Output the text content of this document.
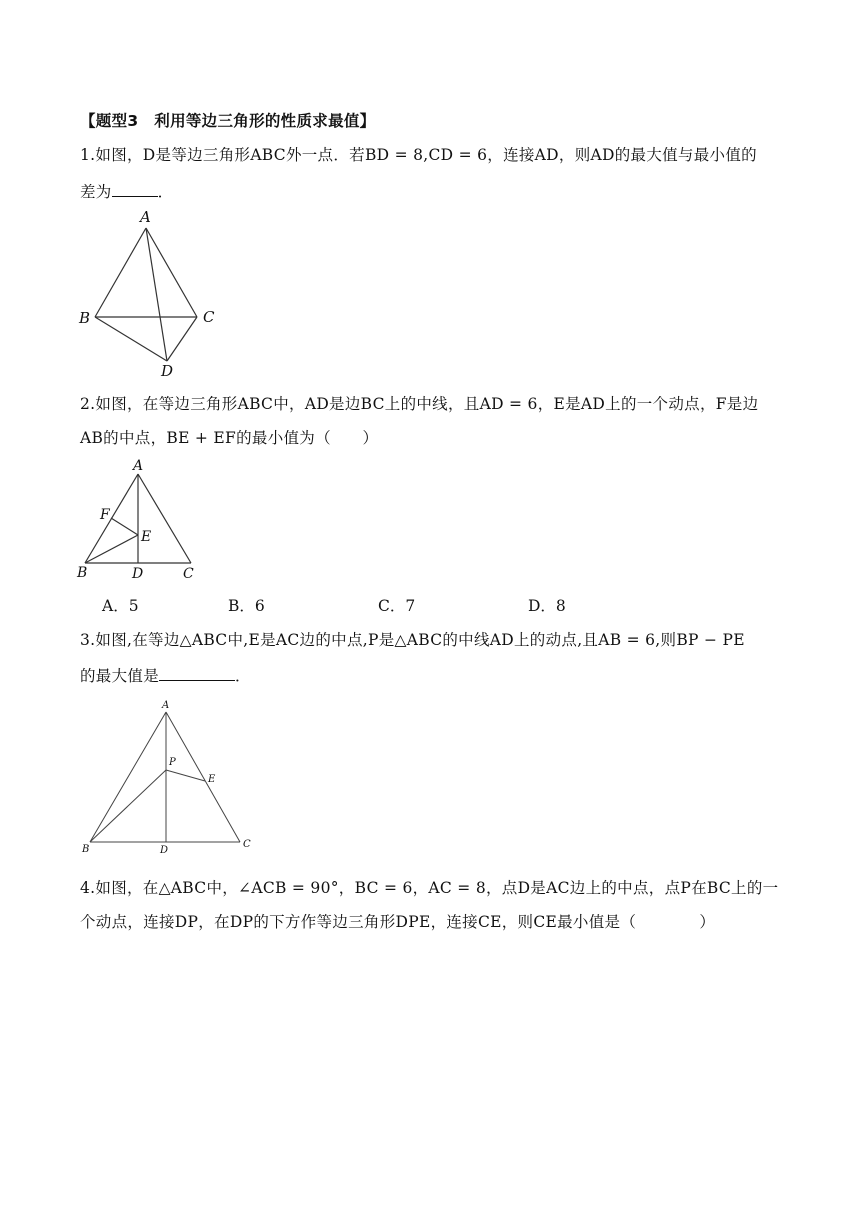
【题型3　利用等边三角形的性质求最值】
1.如图，D是等边三角形ABC外一点．若BD = 8,CD = 6，连接AD，则AD的最大值与最小值的
差为	．
A
B	C
D
2.如图，在等边三角形ABC中，AD是边BC上的中线，且AD = 6，E是AD上的一个动点，F是边
AB的中点，BE + EF的最小值为（　　）
A
B	C
D
E
F
A．5	B．6	C．7	D．8
3.如图,在等边△ABC中,E是AC边的中点,P是△ABC的中线AD上的动点,且AB = 6,则BP − PE
的最大值是	．
A
B	C
D
E
P
4.如图，在△ABC中，∠ACB = 90°，BC = 6，AC = 8，点D是AC边上的中点，点P在BC上的一
个动点，连接DP，在DP的下方作等边三角形DPE，连接CE，则CE最小值是（　　　　）
